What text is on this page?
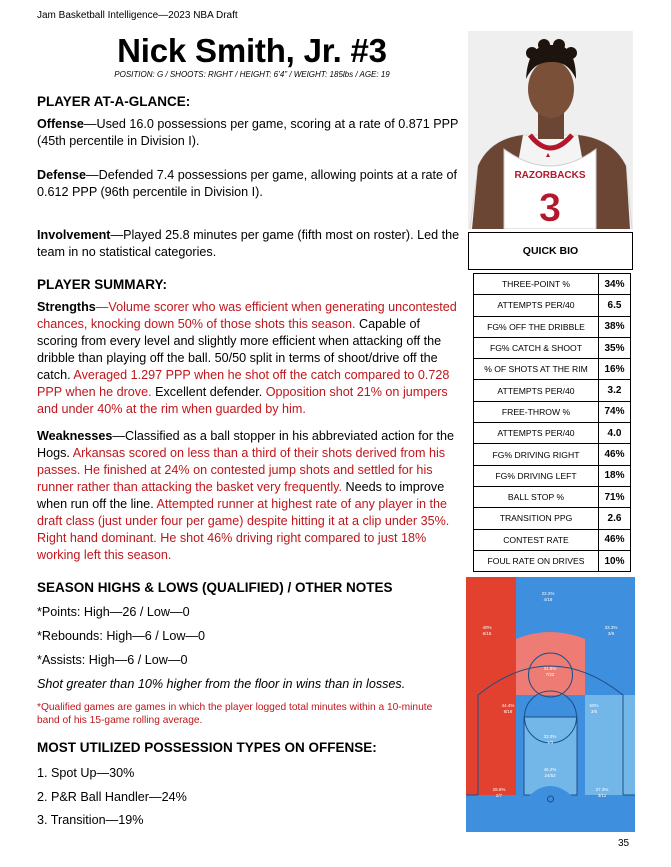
Jam Basketball Intelligence—2023 NBA Draft
Nick Smith, Jr. #3
POSITION: G / SHOOTS: RIGHT / HEIGHT: 6’4” / WEIGHT: 185lbs / AGE: 19
PLAYER AT-A-GLANCE:
Offense—Used 16.0 possessions per game, scoring at a rate of 0.871 PPP (45th percentile in Division I).
Defense—Defended 7.4 possessions per game, allowing points at a rate of 0.612 PPP (96th percentile in Division I).
Involvement—Played 25.8 minutes per game (fifth most on roster). Led the team in no statistical categories.
PLAYER SUMMARY:
Strengths—Volume scorer who was efficient when generating uncontested chances, knocking down 50% of those shots this season. Capable of scoring from every level and slightly more efficient when attacking off the dribble than playing off the ball. 50/50 split in terms of shoot/drive off the catch. Averaged 1.297 PPP when he shot off the catch compared to 0.728 PPP when he drove. Excellent defender. Opposition shot 21% on jumpers and under 40% at the rim when guarded by him.
Weaknesses—Classified as a ball stopper in his abbreviated action for the Hogs. Arkansas scored on less than a third of their shots derived from his passes. He finished at 24% on contested jump shots and settled for his runner rather than attacking the basket very frequently. Needs to improve when run off the line. Attempted runner at highest rate of any player in the draft class (just under four per game) despite hitting it at a clip under 35%. Right hand dominant. He shot 46% driving right compared to just 18% working left this season.
SEASON HIGHS & LOWS (QUALIFIED) / OTHER NOTES
*Points: High—26 / Low—0
*Rebounds: High—6 / Low—0
*Assists: High—6 / Low—0
Shot greater than 10% higher from the floor in wins than in losses.
*Qualified games are games in which the player logged total minutes within a 10-minute band of his 15-game rolling average.
MOST UTILIZED POSSESSION TYPES ON OFFENSE:
1. Spot Up—30%
2. P&R Ball Handler—24%
3. Transition—19%
RAZORBACKS
3
QUICK BIO
THREE-POINT %	34%
ATTEMPTS PER/40	6.5
FG% OFF THE DRIBBLE	38%
FG% CATCH & SHOOT	35%
% OF SHOTS AT THE RIM	16%
ATTEMPTS PER/40	3.2
FREE-THROW %	74%
ATTEMPTS PER/40	4.0
FG% DRIVING RIGHT	46%
FG% DRIVING LEFT	18%
BALL STOP %	71%
TRANSITION PPG	2.6
CONTEST RATE	46%
FOUL RATE ON DRIVES	10%
22.2%
4/18
40%
6/15
33.3%
3/9
31.8%
7/22
44.4%
8/18
50%
3/6
33.3%
1/3
46.2%
24/52
28.6%
2/7
27.3%
3/11
35
